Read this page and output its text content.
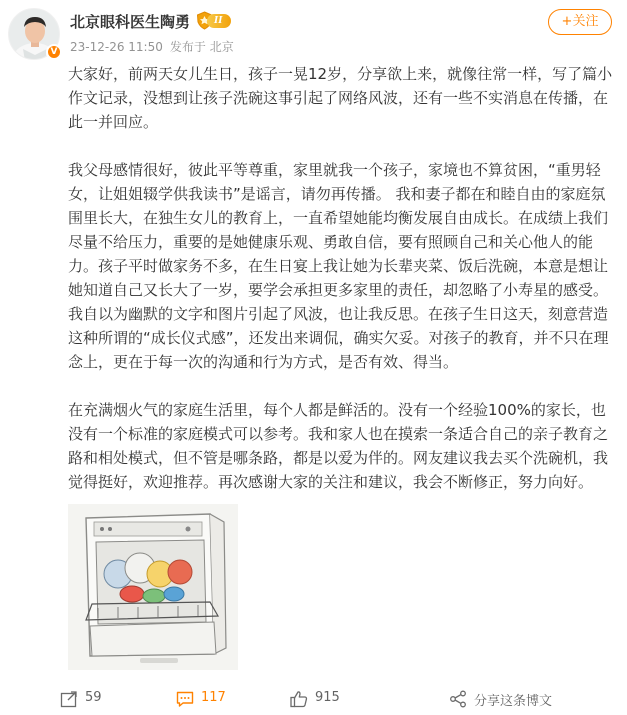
V
北京眼科医生陶勇	II
23-12-26 11:50 发布于 北京
+关注

大家好，前两天女儿生日，孩子一晃12岁，分享欲上来，就像往常一样，写了篇小作文记录，没想到让孩子洗碗这事引起了网络风波，还有一些不实消息在传播，在此一并回应。

我父母感情很好，彼此平等尊重，家里就我一个孩子，家境也不算贫困，“重男轻女，让姐姐辍学供我读书”是谣言，请勿再传播。 我和妻子都在和睦自由的家庭氛围里长大，在独生女儿的教育上，一直希望她能均衡发展自由成长。在成绩上我们尽量不给压力，重要的是她健康乐观、勇敢自信，要有照顾自己和关心他人的能力。孩子平时做家务不多，在生日宴上我让她为长辈夹菜、饭后洗碗，本意是想让她知道自己又长大了一岁，要学会承担更多家里的责任，却忽略了小寿星的感受。我自以为幽默的文字和图片引起了风波，也让我反思。在孩子生日这天，刻意营造这种所谓的“成长仪式感”，还发出来调侃，确实欠妥。对孩子的教育，并不只在理念上，更在于每一次的沟通和行为方式，是否有效、得当。

在充满烟火气的家庭生活里，每个人都是鲜活的。没有一个经验100%的家长，也没有一个标准的家庭模式可以参考。我和家人也在摸索一条适合自己的亲子教育之路和相处模式，但不管是哪条路，都是以爱为伴的。网友建议我去买个洗碗机，我觉得挺好，欢迎推荐。再次感谢大家的关注和建议，我会不断修正，努力向好。

59	117	915	分享这条博文
